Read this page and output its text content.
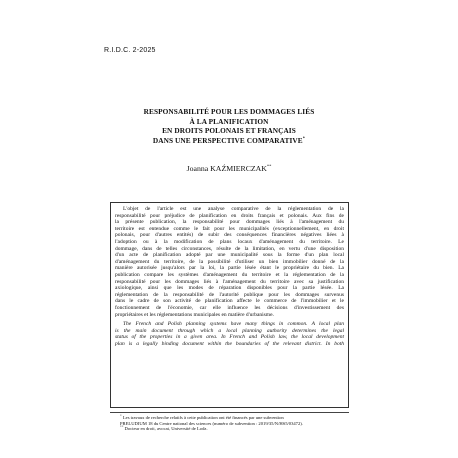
R.I.D.C. 2-2025
RESPONSABILITÉ POUR LES DOMMAGES LIÉS
À LA PLANIFICATION
EN DROITS POLONAIS ET FRANÇAIS
DANS UNE PERSPECTIVE COMPARATIVE*
Joanna KAŹMIERCZAK**

L'objet de l'article est une analyse comparative de la réglementation de la
responsabilité pour préjudice de planification en droits français et polonais. Aux fins de
la présente publication, la responsabilité pour dommages liés à l'aménagement du
territoire est entendue comme le fait pour les municipalités (exceptionnellement, en droit
polonais, pour d'autres entités) de subir des conséquences financières négatives liées à
l'adoption ou à la modification de plans locaux d'aménagement du territoire. Le
dommage, dans de telles circonstances, résulte de la limitation, en vertu d'une disposition
d'un acte de planification adopté par une municipalité sous la forme d'un plan local
d'aménagement du territoire, de la possibilité d'utiliser un bien immobilier donné de la
manière autorisée jusqu'alors par la loi, la partie lésée étant le propriétaire du bien. La
publication compare les systèmes d'aménagement du territoire et la réglementation de la
responsabilité pour les dommages liés à l'aménagement du territoire avec sa justification
axiologique, ainsi que les modes de réparation disponibles pour la partie lésée. La
réglementation de la responsabilité de l'autorité publique pour les dommages survenus
dans le cadre de son activité de planification affecte le commerce de l'immobilier et le
fonctionnement de l'économie, car elle influence les décisions d'investissement des
propriétaires et les réglementations municipales en matière d'urbanisme.

The French and Polish planning systems have many things in common. A local plan
is the main document through which a local planning authority determines the legal
status of the properties in a given area. In French and Polish law, the local development
plan is a legally binding document within the boundaries of the relevant district. In both

* Les travaux de recherche relatifs à cette publication ont été financés par une subvention
PRELUDIUM 18 du Centre national des sciences (numéro de subvention : 2019/35/N/HS5/03472).
** Docteur en droit, avocat, Université de Lodz.
